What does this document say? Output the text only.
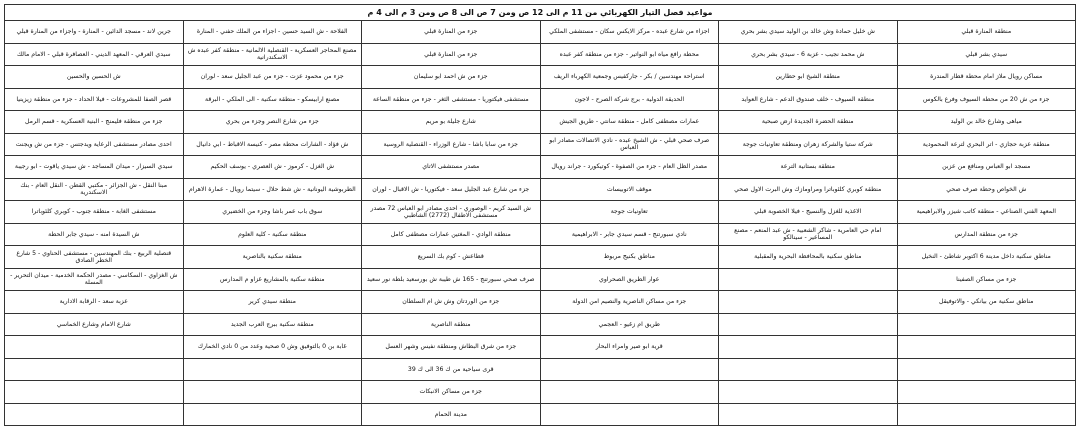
مواعيد فصل التيار الكهربائي من 11 م الى 12 ص ومن 7 ص الى 8 ص ومن 3 م الى 4 م
منطقة المنارة قبلي	ش خليل حمادة وش خالد بن الوليد سيدي بشر بحري	اجزاء من شارع عبده - مركز الايكس سكان - مستشفى الملكي	جزء من المنارة قبلي	الفلاحة - ش السيد حسين - اجزاء من الملك حفني - المنارة	جرين لاند - مسجد الدائين - المنارة - واجزاء من المنارة قبلي
سيدي بشر قبلي	ش محمد نجيب - عزبة 6 - سيدي بشر بحري	محطة رافع مياه ابو النواتير - جزء من منطقة كفر عبده	جزء من المنارة قبلي	مصنع المحاجر العسكرية - القنصلية الالمانية - منطقة كفر عبده ش الاسكندرانية	سيدي العرقي - المعهد الديني - العصافرة قبلي - الامام مالك
مساكن رويال ملاز امام محطة قطار المندرة	منطقة الشيخ ابو حطارين	استراحة مهندسين / بكر - جاركفيس وجمعية الكهرباء الريف	جزء من ش احمد ابو سليمان	جزء من محمود عزت - جزء من عبد الجليل سعد - لوران	ش الحسين والحسين
جزء من ش 20 من محطة السيوف وفرع بالكوس	منطقة السيوف - خلف صندوق الدعم - شارع العوايد	الحديقة الدولية - برج شركة الصرح - لاجون	مستشفى فيكتوريا - مستشفى الثغر - جزء من منطقة الساعة	مصنع ارابيسكو - منطقة سكنية - الى الملكي - البرقة	قصر الصفا للمشروعات - فيلا الحداد - جزء من منطقة زيزينيا
مياهى وشارع خالد بن الوليد	منطقة الحضرة الجديدة ارض صبحية	عمارات مصطفى كامل - منطقة سانتي - طريق الجيش	شارع جليلة بو مريم	جزء من شارع النصر وجزء من بحري	جزء من منطقة فليمنج - البنية العسكرية - قسم الرمل
منطقة عزبة حجازي - اتر البحري لترعة المحمودية	شركة ستيا والشركة زهران ومنطقة تعاونيات جوجة	صرف صحي قبلي - ش الشيخ عبده - نادي الاتصالات مصادر ابو العباس	جزء من سابا باشا - شارع الوزراء - القنصلية الروسية	ش فؤاد - الشارات محطة مصر - كنيسة الاقباط - ابي دانيال	احدى مصادر مستشفى الرعاية ويدجتس - جزء من ش ويجنت
مسجد ابو العباس ومنافع من عزبن	منطقة بستانية الترعة	مصدر الظل العام - جزء من الصفوة - كوتيكورد - جراند رويال	مصدر مستشفى الاتاي	ش الغزل - كرموز - ش العصري - يوسف الحكيم	سيدي السيزار - ميدان المساجد - ش سيدي ياقوت - ابو رجيبة
ش الخواص وحطة صرف صحي	منطقة كوبري كلئوباترا ومراومازك وش البرت الاول صحي	موقف الاتوبيسات	جزء من شارع عبد الجليل سعد - فيكتوريا - ش الاقبال - لوران	الطربوشية اليونانية - ش شط حلال - سيتما رويال - عمارة الاهرام	مبنا النقل - ش الجزائر - مكتبي القطن - النقل العام - بنك الاسكندرية
المعهد الفني الصناعي - منطقة كاتب شيزر والابراهيمية	الاغذية للغزل والنسيج - فيلا الخصوبة قبلي	تعاونيات جوجة	ش السيد كريم - الوصوري - احدى مصادر ابو العباس 72 مصدر مستشفى الاطفال (2772) الشاطبي	سوق باب عمر باشا وجزء من الخضيري	مستشفى الغابة - منطقة جنوب - كوبري كلئوباترا
جزء من منطقة المدارس	امام حي العامرية - شاكر الشعبية - ش عبد المنعم - مصنع المساعير - سينالكو	نادي سبورتنج - قسم سيدي جابر - الابراهيمية	منطقة الوادي - المغتين عمارات مصطفى كامل	منطقة سكنية - كلية العلوم	ش السيدة امنه - سيدي جابر الحطة
مناطق سكنية داخل مدينة 6 اكتوبر شاطئ - النخيل	مناطق سكنية بالمحافظة البحرية والمقبلية	مناطق بكنيج مربوط	قطاعش - كوم بك السريع	منطقة سكنية بالناصرية	قنصلية الربيع - بنك المهندسين - مستشفى الحناوي - 5 شارع الخطر الصادق
جزء من مساكن الصفينا		عوار الطريق الصحراوي	صرف صحي سبورتنج - 165 ش طيبة ش بورسعيد بلطة نور سعيد	منطقة سكنية بالمشاريع غزاو م المدارس	ش الغزاوي - السكاسي - مصدر الحكمة الخدمية - ميدان التحرير - المسلة
مناطق سكنية من بيانكي - والاتوفيقل		جزء من مساكن الناصرية والنصيم امن الدولة	جزء من الوردتان وش ش ام السلطان	منطقة سيدي كرير	عزبة سعد - الرقابة الادارية
		طريق ام زغيو - العجمي	منطقة الناصرية	منطقة سكنية ببرج العرب الجديد	شارع الامام وشارع الخماسي
		قرية ابو صير وامراء البحار	جزء من شرق البطاش ومنطقة نفيس وشهر العسل	غابة بن 0 بالتوفيق وش 0 صحية وعدد من 0 نادي الخمارك	
			قرى سياحية من ك 36 الى ك 39		
			جزء من مساكن الانبكات		
			مدينة الحمام		
